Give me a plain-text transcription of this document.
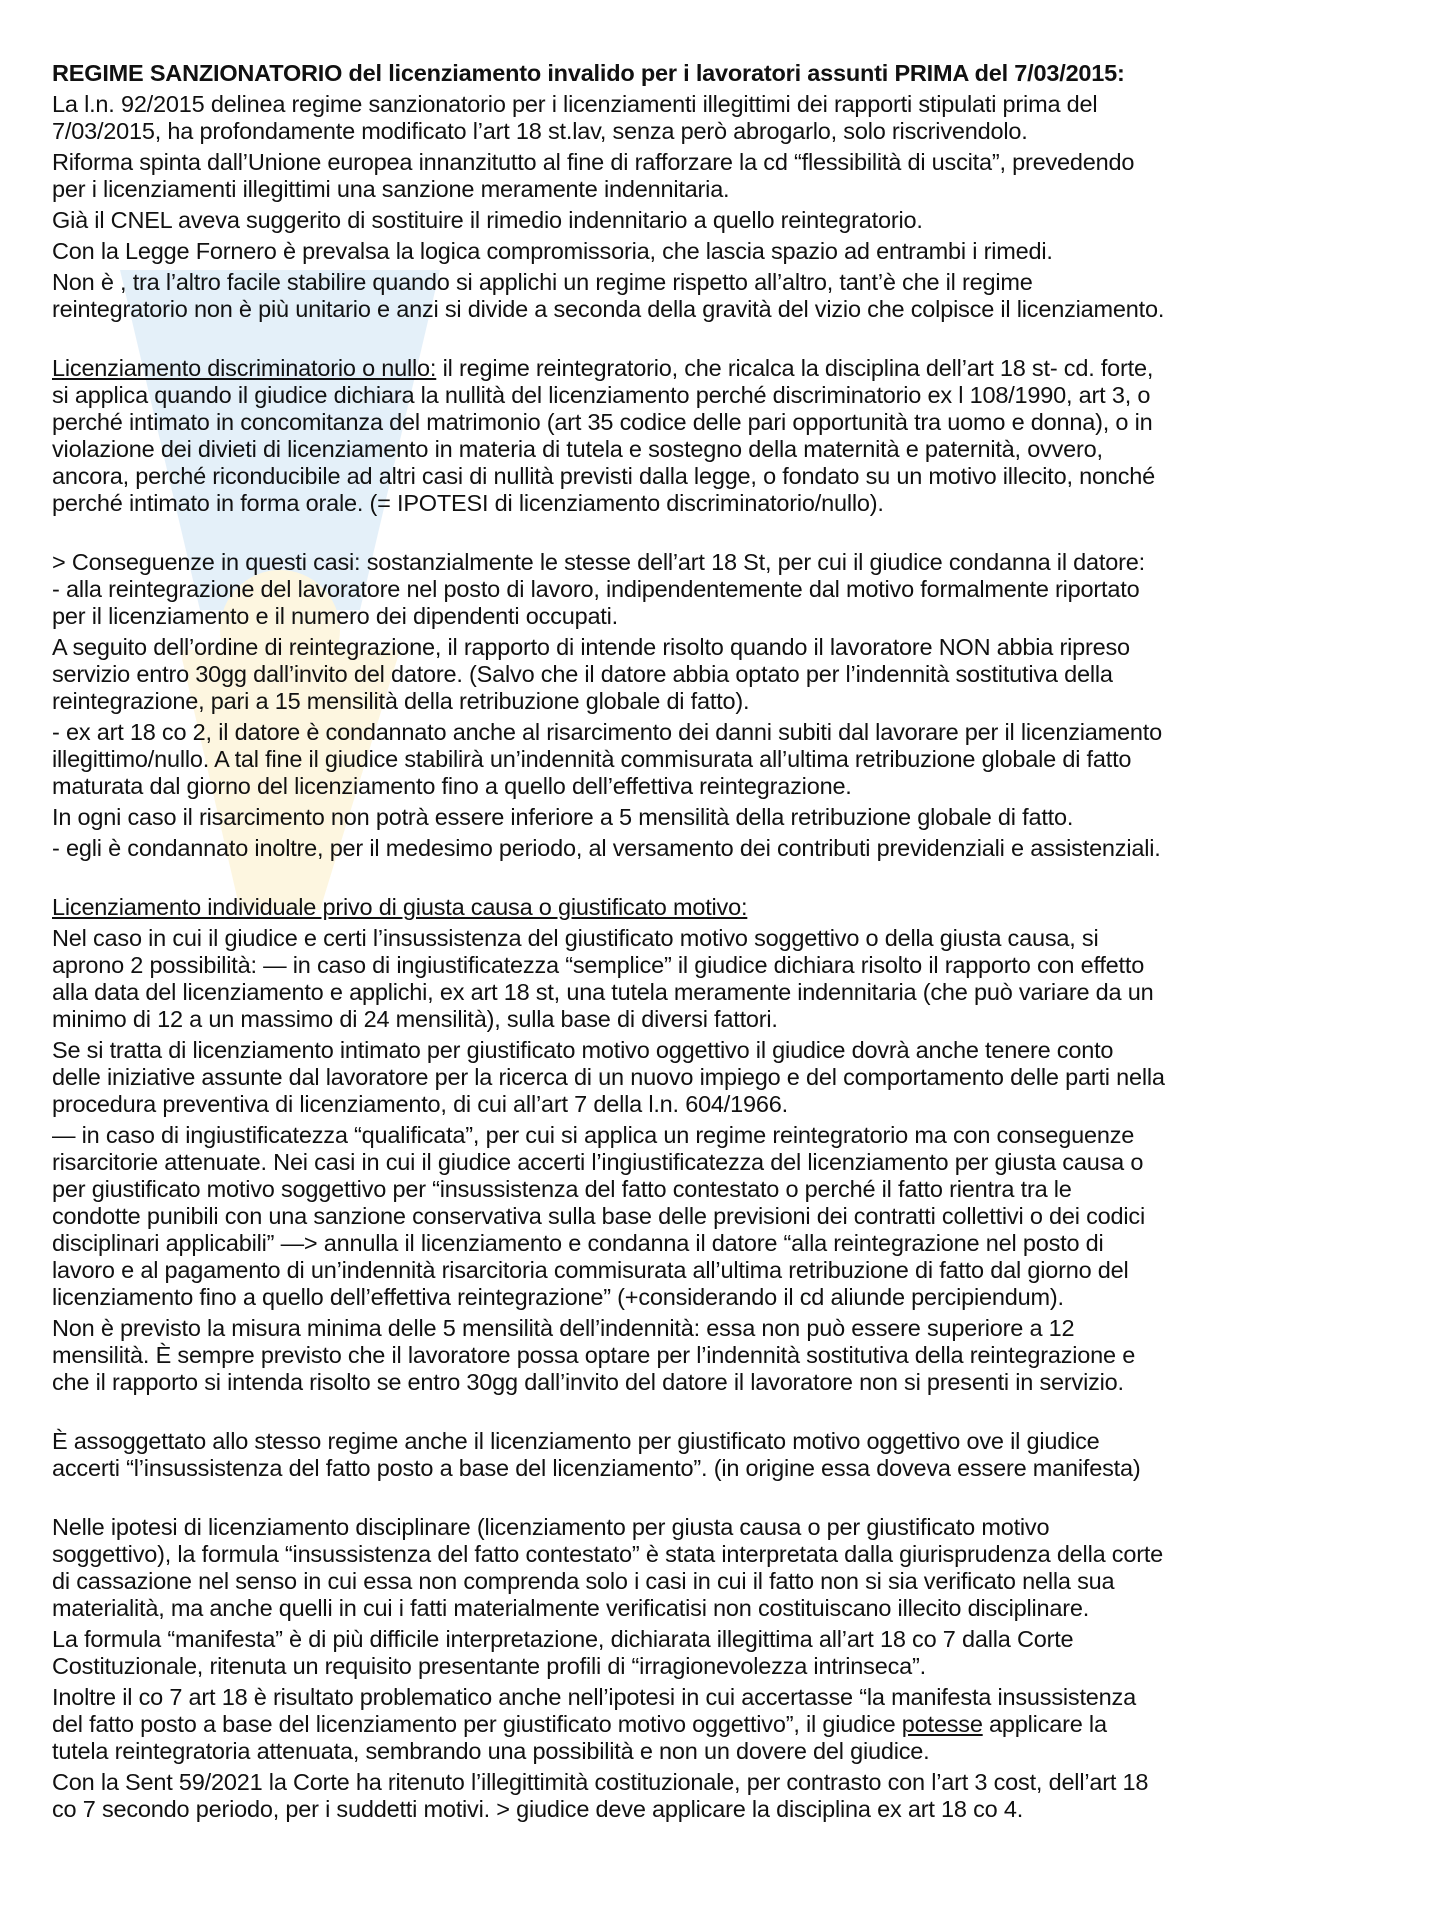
REGIME SANZIONATORIO del licenziamento invalido per i lavoratori assunti PRIMA del 7/03/2015:
La l.n. 92/2015 delinea regime sanzionatorio per i licenziamenti illegittimi dei rapporti stipulati prima del
7/03/2015, ha profondamente modificato l’art 18 st.lav, senza però abrogarlo, solo riscrivendolo.
Riforma spinta dall’Unione europea innanzitutto al fine di rafforzare la cd “flessibilità di uscita”, prevedendo
per i licenziamenti illegittimi una sanzione meramente indennitaria.
Già il CNEL aveva suggerito di sostituire il rimedio indennitario a quello reintegratorio.
Con la Legge Fornero è prevalsa la logica compromissoria, che lascia spazio ad entrambi i rimedi.
Non è , tra l’altro facile stabilire quando si applichi un regime rispetto all’altro, tant’è che il regime
reintegratorio non è più unitario e anzi si divide a seconda della gravità del vizio che colpisce il licenziamento.
Licenziamento discriminatorio o nullo: il regime reintegratorio, che ricalca la disciplina dell’art 18 st- cd. forte,
si applica quando il giudice dichiara la nullità del licenziamento perché discriminatorio ex l 108/1990, art 3, o
perché intimato in concomitanza del matrimonio (art 35 codice delle pari opportunità tra uomo e donna), o in
violazione dei divieti di licenziamento in materia di tutela e sostegno della maternità e paternità, ovvero,
ancora, perché riconducibile ad altri casi di nullità previsti dalla legge, o fondato su un motivo illecito, nonché
perché intimato in forma orale. (= IPOTESI di licenziamento discriminatorio/nullo).
> Conseguenze in questi casi: sostanzialmente le stesse dell’art 18 St, per cui il giudice condanna il datore:
- alla reintegrazione del lavoratore nel posto di lavoro, indipendentemente dal motivo formalmente riportato
per il licenziamento e il numero dei dipendenti occupati.
A seguito dell’ordine di reintegrazione, il rapporto di intende risolto quando il lavoratore NON abbia ripreso
servizio entro 30gg dall’invito del datore. (Salvo che il datore abbia optato per l’indennità sostitutiva della
reintegrazione, pari a 15 mensilità della retribuzione globale di fatto).
- ex art 18 co 2, il datore è condannato anche al risarcimento dei danni subiti dal lavorare per il licenziamento
illegittimo/nullo. A tal fine il giudice stabilirà un’indennità commisurata all’ultima retribuzione globale di fatto
maturata dal giorno del licenziamento fino a quello dell’effettiva reintegrazione.
In ogni caso il risarcimento non potrà essere inferiore a 5 mensilità della retribuzione globale di fatto.
- egli è condannato inoltre, per il medesimo periodo, al versamento dei contributi previdenziali e assistenziali.
Licenziamento individuale privo di giusta causa o giustificato motivo:
Nel caso in cui il giudice e certi l’insussistenza del giustificato motivo soggettivo o della giusta causa, si
aprono 2 possibilità: — in caso di ingiustificatezza “semplice” il giudice dichiara risolto il rapporto con effetto
alla data del licenziamento e applichi, ex art 18 st, una tutela meramente indennitaria (che può variare da un
minimo di 12 a un massimo di 24 mensilità), sulla base di diversi fattori.
Se si tratta di licenziamento intimato per giustificato motivo oggettivo il giudice dovrà anche tenere conto
delle iniziative assunte dal lavoratore per la ricerca di un nuovo impiego e del comportamento delle parti nella
procedura preventiva di licenziamento, di cui all’art 7 della l.n. 604/1966.
— in caso di ingiustificatezza “qualificata”, per cui si applica un regime reintegratorio ma con conseguenze
risarcitorie attenuate. Nei casi in cui il giudice accerti l’ingiustificatezza del licenziamento per giusta causa o
per giustificato motivo soggettivo per “insussistenza del fatto contestato o perché il fatto rientra tra le
condotte punibili con una sanzione conservativa sulla base delle previsioni dei contratti collettivi o dei codici
disciplinari applicabili” —> annulla il licenziamento e condanna il datore “alla reintegrazione nel posto di
lavoro e al pagamento di un’indennità risarcitoria commisurata all’ultima retribuzione di fatto dal giorno del
licenziamento fino a quello dell’effettiva reintegrazione” (+considerando il cd aliunde percipiendum).
Non è previsto la misura minima delle 5 mensilità dell’indennità: essa non può essere superiore a 12
mensilità. È sempre previsto che il lavoratore possa optare per l’indennità sostitutiva della reintegrazione e
che il rapporto si intenda risolto se entro 30gg dall’invito del datore il lavoratore non si presenti in servizio.
È assoggettato allo stesso regime anche il licenziamento per giustificato motivo oggettivo ove il giudice
accerti “l’insussistenza del fatto posto a base del licenziamento”. (in origine essa doveva essere manifesta)
Nelle ipotesi di licenziamento disciplinare (licenziamento per giusta causa o per giustificato motivo
soggettivo), la formula “insussistenza del fatto contestato” è stata interpretata dalla giurisprudenza della corte
di cassazione nel senso in cui essa non comprenda solo i casi in cui il fatto non si sia verificato nella sua
materialità, ma anche quelli in cui i fatti materialmente verificatisi non costituiscano illecito disciplinare.
La formula “manifesta” è di più difficile interpretazione, dichiarata illegittima all’art 18 co 7 dalla Corte
Costituzionale, ritenuta un requisito presentante profili di “irragionevolezza intrinseca”.
Inoltre il co 7 art 18 è risultato problematico anche nell’ipotesi in cui accertasse “la manifesta insussistenza
del fatto posto a base del licenziamento per giustificato motivo oggettivo”, il giudice potesse applicare la
tutela reintegratoria attenuata, sembrando una possibilità e non un dovere del giudice.
Con la Sent 59/2021 la Corte ha ritenuto l’illegittimità costituzionale, per contrasto con l’art 3 cost, dell’art 18
co 7 secondo periodo, per i suddetti motivi. > giudice deve applicare la disciplina ex art 18 co 4.
